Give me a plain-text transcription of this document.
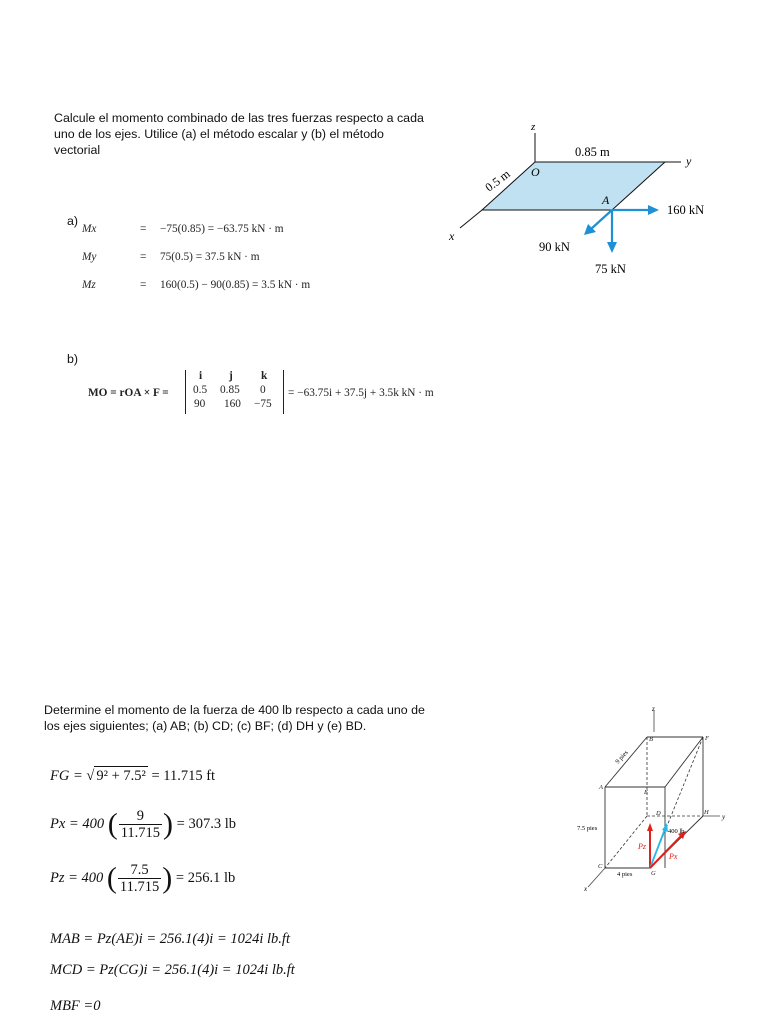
Calcule el momento combinado de las tres fuerzas respecto a cada uno de los ejes. Utilice (a) el método escalar y (b) el método vectorial
z
y
x
O
A
0.85 m
0.5 m
160 kN
90 kN
75 kN
a)
Mx	= −75(0.85) = −63.75 kN · m
My	= 75(0.5) = 37.5 kN · m
Mz	= 160(0.5) − 90(0.85) = 3.5 kN · m
b)
MO = rOA × F =
i j k
0.5 0.85 0
90 160 −75
= −63.75i + 37.5j + 3.5k kN · m
Determine el momento de la fuerza de 400 lb respecto a cada uno de los ejes siguientes; (a) AB; (b) CD; (c) BF; (d) DH y (e) BD.
FG = √ 9² + 7.5² = 11.715 ft
Px = 400 ( $\frac{9}{11.715}$ ) = 307.3 lb
Pz = 400 ( $\frac{7.5}{11.715}$ ) = 256.1 lb
MAB = Pz(AE)i = 256.1(4)i = 1024i lb.ft
MCD = Pz(CG)i = 256.1(4)i = 1024i lb.ft
MBF =0
z
y
x
A
B
C
D
E
F
G
H
9 pies
7.5 pies
4 pies
400 lb
Pz
Px
